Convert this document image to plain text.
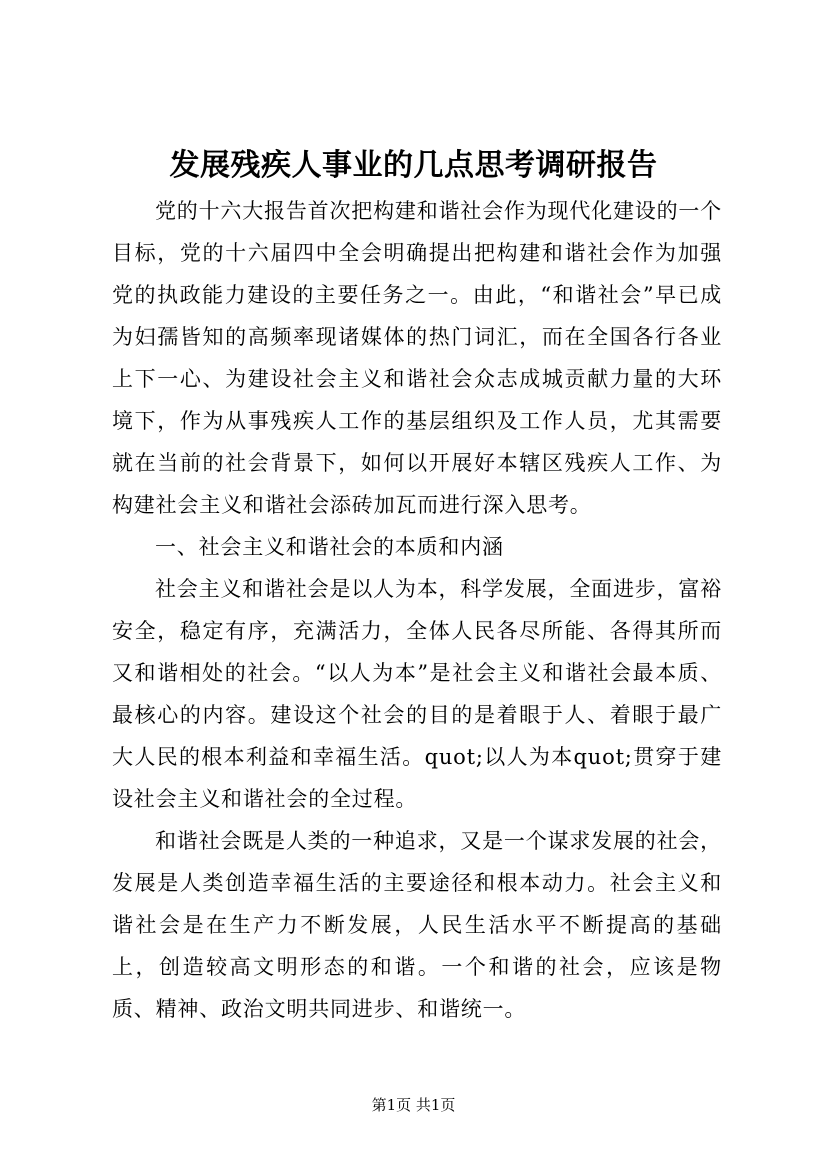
发展残疾人事业的几点思考调研报告

党的十六大报告首次把构建和谐社会作为现代化建设的一个目标，党的十六届四中全会明确提出把构建和谐社会作为加强党的执政能力建设的主要任务之一。由此，“和谐社会”早已成为妇孺皆知的高频率现诸媒体的热门词汇，而在全国各行各业上下一心、为建设社会主义和谐社会众志成城贡献力量的大环境下，作为从事残疾人工作的基层组织及工作人员，尤其需要就在当前的社会背景下，如何以开展好本辖区残疾人工作、为构建社会主义和谐社会添砖加瓦而进行深入思考。

一、社会主义和谐社会的本质和内涵

社会主义和谐社会是以人为本，科学发展，全面进步，富裕安全，稳定有序，充满活力，全体人民各尽所能、各得其所而又和谐相处的社会。“以人为本”是社会主义和谐社会最本质、最核心的内容。建设这个社会的目的是着眼于人、着眼于最广大人民的根本利益和幸福生活。quot;以人为本quot;贯穿于建设社会主义和谐社会的全过程。

和谐社会既是人类的一种追求，又是一个谋求发展的社会，发展是人类创造幸福生活的主要途径和根本动力。社会主义和谐社会是在生产力不断发展，人民生活水平不断提高的基础上，创造较高文明形态的和谐。一个和谐的社会，应该是物质、精神、政治文明共同进步、和谐统一。

第1页 共1页
